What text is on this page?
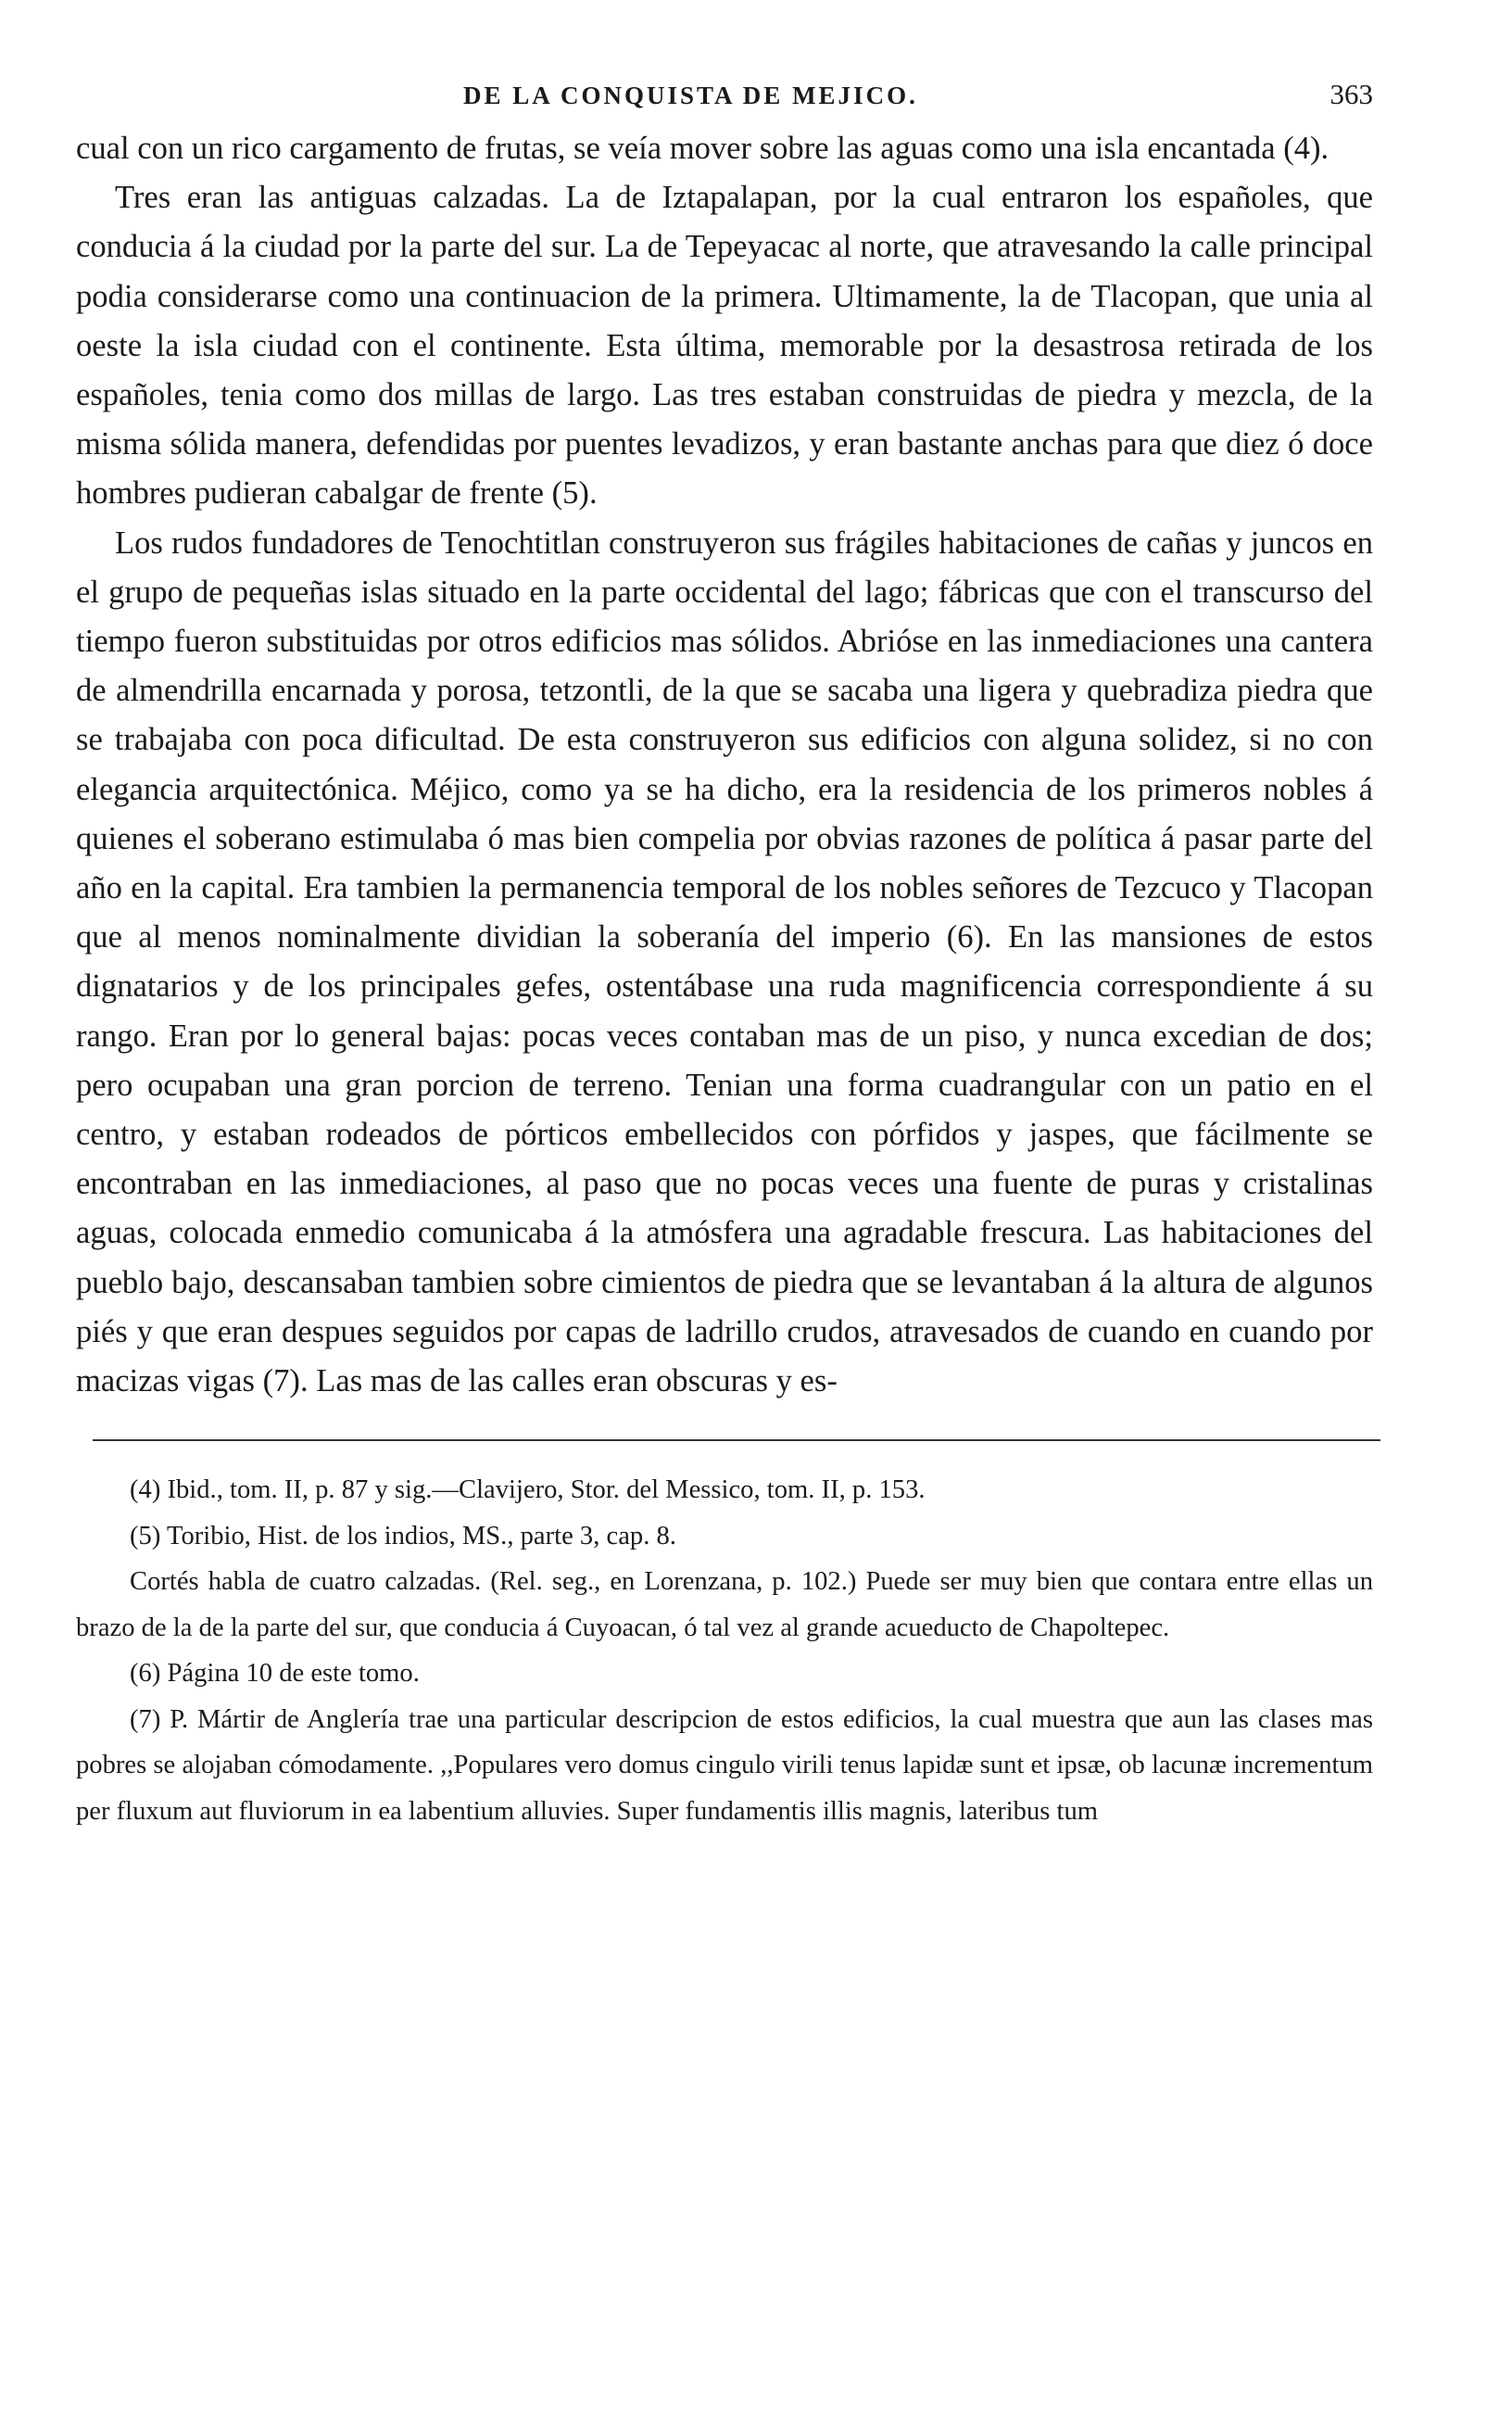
DE LA CONQUISTA DE MEJICO.	363

cual con un rico cargamento de frutas, se veía mover sobre las aguas como una isla encantada (4).

Tres eran las antiguas calzadas. La de Iztapalapan, por la cual entraron los españoles, que conducia á la ciudad por la parte del sur. La de Tepeyacac al norte, que atravesando la calle principal podia considerarse como una continuacion de la primera. Ultimamente, la de Tlacopan, que unia al oeste la isla ciudad con el continente. Esta última, memorable por la desastrosa retirada de los españoles, tenia como dos millas de largo. Las tres estaban construidas de piedra y mezcla, de la misma sólida manera, defendidas por puentes levadizos, y eran bastante anchas para que diez ó doce hombres pudieran cabalgar de frente (5).

Los rudos fundadores de Tenochtitlan construyeron sus frágiles habitaciones de cañas y juncos en el grupo de pequeñas islas situado en la parte occidental del lago; fábricas que con el transcurso del tiempo fueron substituidas por otros edificios mas sólidos. Abrióse en las inmediaciones una cantera de almendrilla encarnada y porosa, tetzontli, de la que se sacaba una ligera y quebradiza piedra que se trabajaba con poca dificultad. De esta construyeron sus edificios con alguna solidez, si no con elegancia arquitectónica. Méjico, como ya se ha dicho, era la residencia de los primeros nobles á quienes el soberano estimulaba ó mas bien compelia por obvias razones de política á pasar parte del año en la capital. Era tambien la permanencia temporal de los nobles señores de Tezcuco y Tlacopan que al menos nominalmente dividian la soberanía del imperio (6). En las mansiones de estos dignatarios y de los principales gefes, ostentábase una ruda magnificencia correspondiente á su rango. Eran por lo general bajas: pocas veces contaban mas de un piso, y nunca excedian de dos; pero ocupaban una gran porcion de terreno. Tenian una forma cuadrangular con un patio en el centro, y estaban rodeados de pórticos embellecidos con pórfidos y jaspes, que fácilmente se encontraban en las inmediaciones, al paso que no pocas veces una fuente de puras y cristalinas aguas, colocada enmedio comunicaba á la atmósfera una agradable frescura. Las habitaciones del pueblo bajo, descansaban tambien sobre cimientos de piedra que se levantaban á la altura de algunos piés y que eran despues seguidos por capas de ladrillo crudos, atravesados de cuando en cuando por macizas vigas (7). Las mas de las calles eran obscuras y es-

(4) Ibid., tom. II, p. 87 y sig.—Clavijero, Stor. del Messico, tom. II, p. 153.

(5) Toribio, Hist. de los indios, MS., parte 3, cap. 8.

Cortés habla de cuatro calzadas. (Rel. seg., en Lorenzana, p. 102.) Puede ser muy bien que contara entre ellas un brazo de la de la parte del sur, que conducia á Cuyoacan, ó tal vez al grande acueducto de Chapoltepec.

(6) Página 10 de este tomo.

(7) P. Mártir de Anglería trae una particular descripcion de estos edificios, la cual muestra que aun las clases mas pobres se alojaban cómodamente. ,,Populares vero domus cingulo virili tenus lapidæ sunt et ipsæ, ob lacunæ incrementum per fluxum aut fluviorum in ea labentium alluvies. Super fundamentis illis magnis, lateribus tum
